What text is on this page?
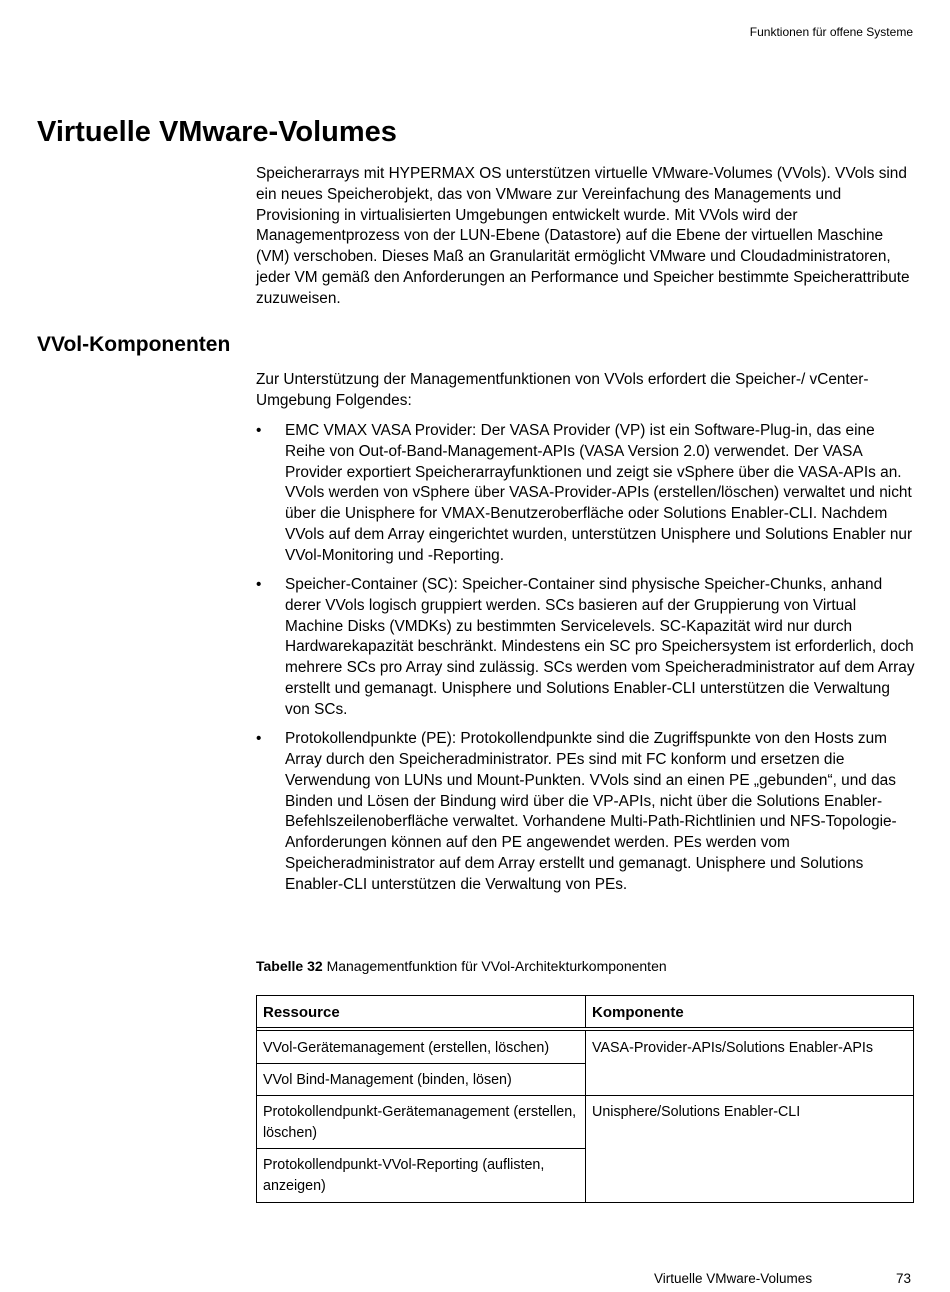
Funktionen für offene Systeme
Virtuelle VMware-Volumes

Speicherarrays mit HYPERMAX OS unterstützen virtuelle VMware-Volumes (VVols). VVols sind ein neues Speicherobjekt, das von VMware zur Vereinfachung des Managements und Provisioning in virtualisierten Umgebungen entwickelt wurde. Mit VVols wird der Managementprozess von der LUN-Ebene (Datastore) auf die Ebene der virtuellen Maschine (VM) verschoben. Dieses Maß an Granularität ermöglicht VMware und Cloudadministratoren, jeder VM gemäß den Anforderungen an Performance und Speicher bestimmte Speicherattribute zuzuweisen.

VVol-Komponenten

Zur Unterstützung der Managementfunktionen von VVols erfordert die Speicher-/ vCenter-Umgebung Folgendes:

• EMC VMAX VASA Provider: Der VASA Provider (VP) ist ein Software-Plug-in, das eine Reihe von Out-of-Band-Management-APIs (VASA Version 2.0) verwendet. Der VASA Provider exportiert Speicherarrayfunktionen und zeigt sie vSphere über die VASA-APIs an. VVols werden von vSphere über VASA-Provider-APIs (erstellen/löschen) verwaltet und nicht über die Unisphere for VMAX-Benutzeroberfläche oder Solutions Enabler-CLI. Nachdem VVols auf dem Array eingerichtet wurden, unterstützen Unisphere und Solutions Enabler nur VVol-Monitoring und -Reporting.
• Speicher-Container (SC): Speicher-Container sind physische Speicher-Chunks, anhand derer VVols logisch gruppiert werden. SCs basieren auf der Gruppierung von Virtual Machine Disks (VMDKs) zu bestimmten Servicelevels. SC-Kapazität wird nur durch Hardwarekapazität beschränkt. Mindestens ein SC pro Speichersystem ist erforderlich, doch mehrere SCs pro Array sind zulässig. SCs werden vom Speicheradministrator auf dem Array erstellt und gemanagt. Unisphere und Solutions Enabler-CLI unterstützen die Verwaltung von SCs.
• Protokollendpunkte (PE): Protokollendpunkte sind die Zugriffspunkte von den Hosts zum Array durch den Speicheradministrator. PEs sind mit FC konform und ersetzen die Verwendung von LUNs und Mount-Punkten. VVols sind an einen PE „gebunden“, und das Binden und Lösen der Bindung wird über die VP-APIs, nicht über die Solutions Enabler-Befehlszeilenoberfläche verwaltet. Vorhandene Multi-Path-Richtlinien und NFS-Topologie-Anforderungen können auf den PE angewendet werden. PEs werden vom Speicheradministrator auf dem Array erstellt und gemanagt. Unisphere und Solutions Enabler-CLI unterstützen die Verwaltung von PEs.
Tabelle 32 Managementfunktion für VVol-Architekturkomponenten
Ressource	Komponente
VVol-Gerätemanagement (erstellen, löschen)
VVol Bind-Management (binden, lösen)
Protokollendpunkt-Gerätemanagement (erstellen, löschen)
Protokollendpunkt-VVol-Reporting (auflisten, anzeigen)
VASA-Provider-APIs/Solutions Enabler-APIs
Unisphere/Solutions Enabler-CLI
Virtuelle VMware-Volumes	73
